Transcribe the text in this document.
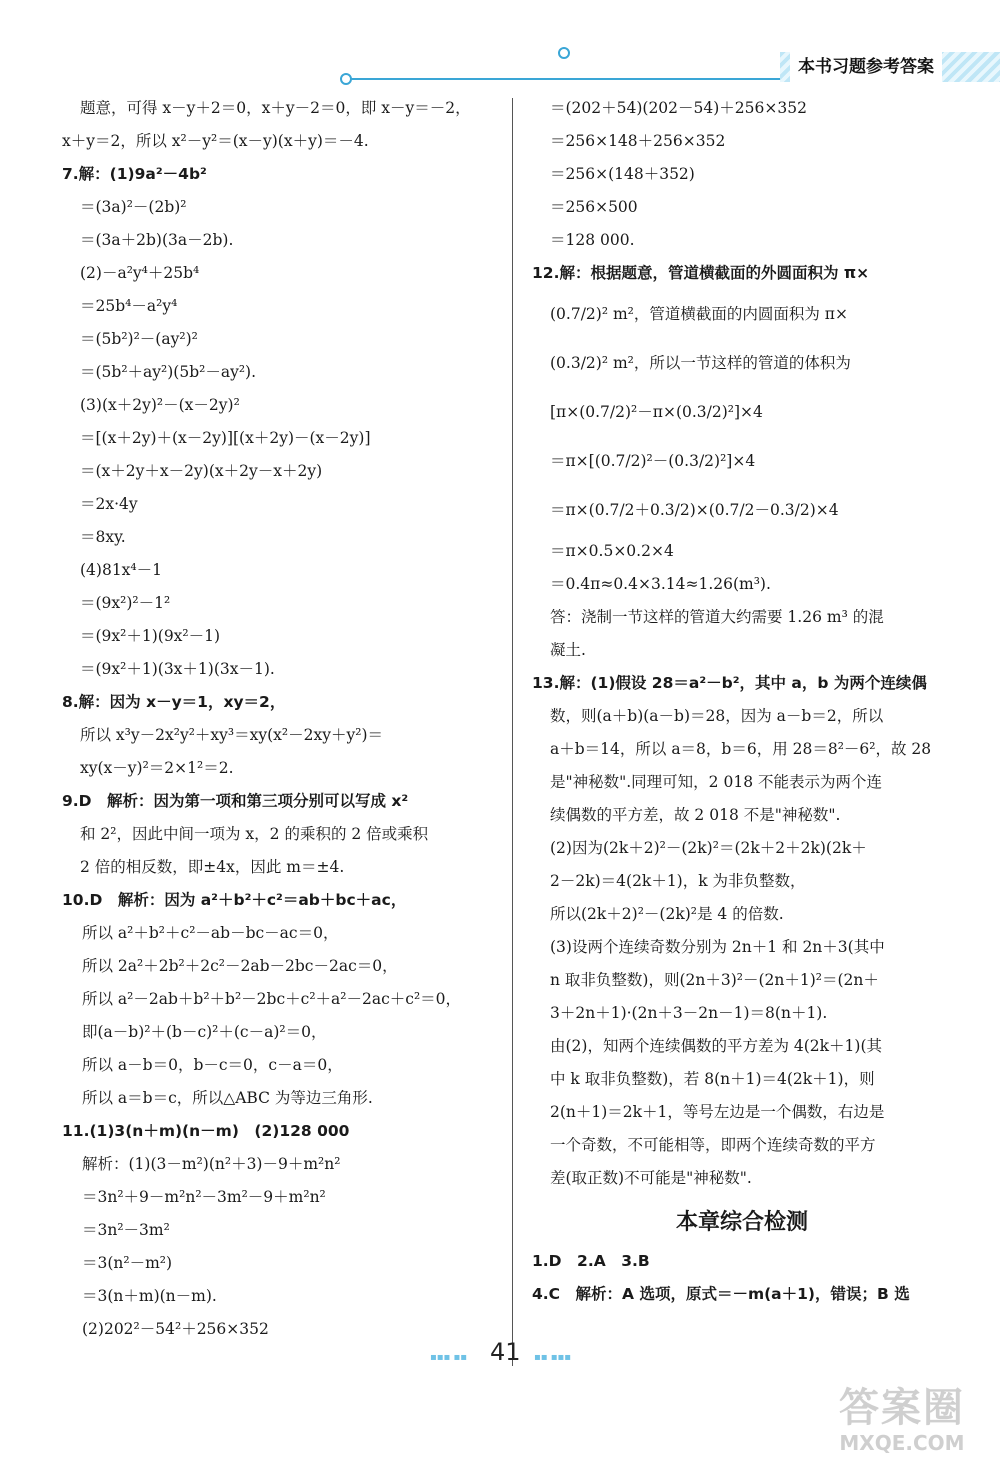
本书习题参考答案
题意，可得 x－y＋2＝0，x＋y－2＝0，即 x－y＝－2，
x＋y＝2，所以 x²－y²＝(x－y)(x＋y)＝－4.
7.解：(1)9a²－4b²
＝(3a)²－(2b)²
＝(3a＋2b)(3a－2b).
(2)－a²y⁴＋25b⁴
＝25b⁴－a²y⁴
＝(5b²)²－(ay²)²
＝(5b²＋ay²)(5b²－ay²).
(3)(x＋2y)²－(x－2y)²
＝[(x＋2y)＋(x－2y)][(x＋2y)－(x－2y)]
＝(x＋2y＋x－2y)(x＋2y－x＋2y)
＝2x·4y
＝8xy.
(4)81x⁴－1
＝(9x²)²－1²
＝(9x²＋1)(9x²－1)
＝(9x²＋1)(3x＋1)(3x－1).
8.解：因为 x－y＝1，xy＝2，
所以 x³y－2x²y²＋xy³＝xy(x²－2xy＋y²)＝
xy(x－y)²＝2×1²＝2.
9.D　解析：因为第一项和第三项分别可以写成 x²
和 2²，因此中间一项为 x，2 的乘积的 2 倍或乘积
2 倍的相反数，即±4x，因此 m＝±4.
10.D　解析：因为 a²＋b²＋c²＝ab＋bc＋ac，
所以 a²＋b²＋c²－ab－bc－ac＝0，
所以 2a²＋2b²＋2c²－2ab－2bc－2ac＝0，
所以 a²－2ab＋b²＋b²－2bc＋c²＋a²－2ac＋c²＝0，
即(a－b)²＋(b－c)²＋(c－a)²＝0，
所以 a－b＝0，b－c＝0，c－a＝0，
所以 a＝b＝c，所以△ABC 为等边三角形.
11.(1)3(n＋m)(n－m)　(2)128 000
解析：(1)(3－m²)(n²＋3)－9＋m²n²
＝3n²＋9－m²n²－3m²－9＋m²n²
＝3n²－3m²
＝3(n²－m²)
＝3(n＋m)(n－m).
(2)202²－54²＋256×352
＝(202＋54)(202－54)＋256×352
＝256×148＋256×352
＝256×(148＋352)
＝256×500
＝128 000.
12.解：根据题意，管道横截面的外圆面积为 π×
(0.7/2)² m²，管道横截面的内圆面积为 π×
(0.3/2)² m²，所以一节这样的管道的体积为
[π×(0.7/2)²－π×(0.3/2)²]×4
＝π×[(0.7/2)²－(0.3/2)²]×4
＝π×(0.7/2＋0.3/2)×(0.7/2－0.3/2)×4
＝π×0.5×0.2×4
＝0.4π≈0.4×3.14≈1.26(m³).
答：浇制一节这样的管道大约需要 1.26 m³ 的混
凝土.
13.解：(1)假设 28＝a²－b²，其中 a，b 为两个连续偶
数，则(a＋b)(a－b)＝28，因为 a－b＝2，所以
a＋b＝14，所以 a＝8，b＝6，用 28＝8²－6²，故 28
是"神秘数".同理可知，2 018 不能表示为两个连
续偶数的平方差，故 2 018 不是"神秘数".
(2)因为(2k＋2)²－(2k)²＝(2k＋2＋2k)(2k＋
2－2k)＝4(2k＋1)，k 为非负整数，
所以(2k＋2)²－(2k)²是 4 的倍数.
(3)设两个连续奇数分别为 2n＋1 和 2n＋3(其中
n 取非负整数)，则(2n＋3)²－(2n＋1)²＝(2n＋
3＋2n＋1)·(2n＋3－2n－1)＝8(n＋1).
由(2)，知两个连续偶数的平方差为 4(2k＋1)(其
中 k 取非负整数)，若 8(n＋1)＝4(2k＋1)，则
2(n＋1)＝2k＋1，等号左边是一个偶数，右边是
一个奇数，不可能相等，即两个连续奇数的平方
差(取正数)不可能是"神秘数".
本章综合检测
1.D　2.A　3.B
4.C　解析：A 选项，原式＝－m(a＋1)，错误；B 选
▪▪▪ ▪▪ 41 ▪▪ ▪▪▪
答案圈
MXQE.COM
